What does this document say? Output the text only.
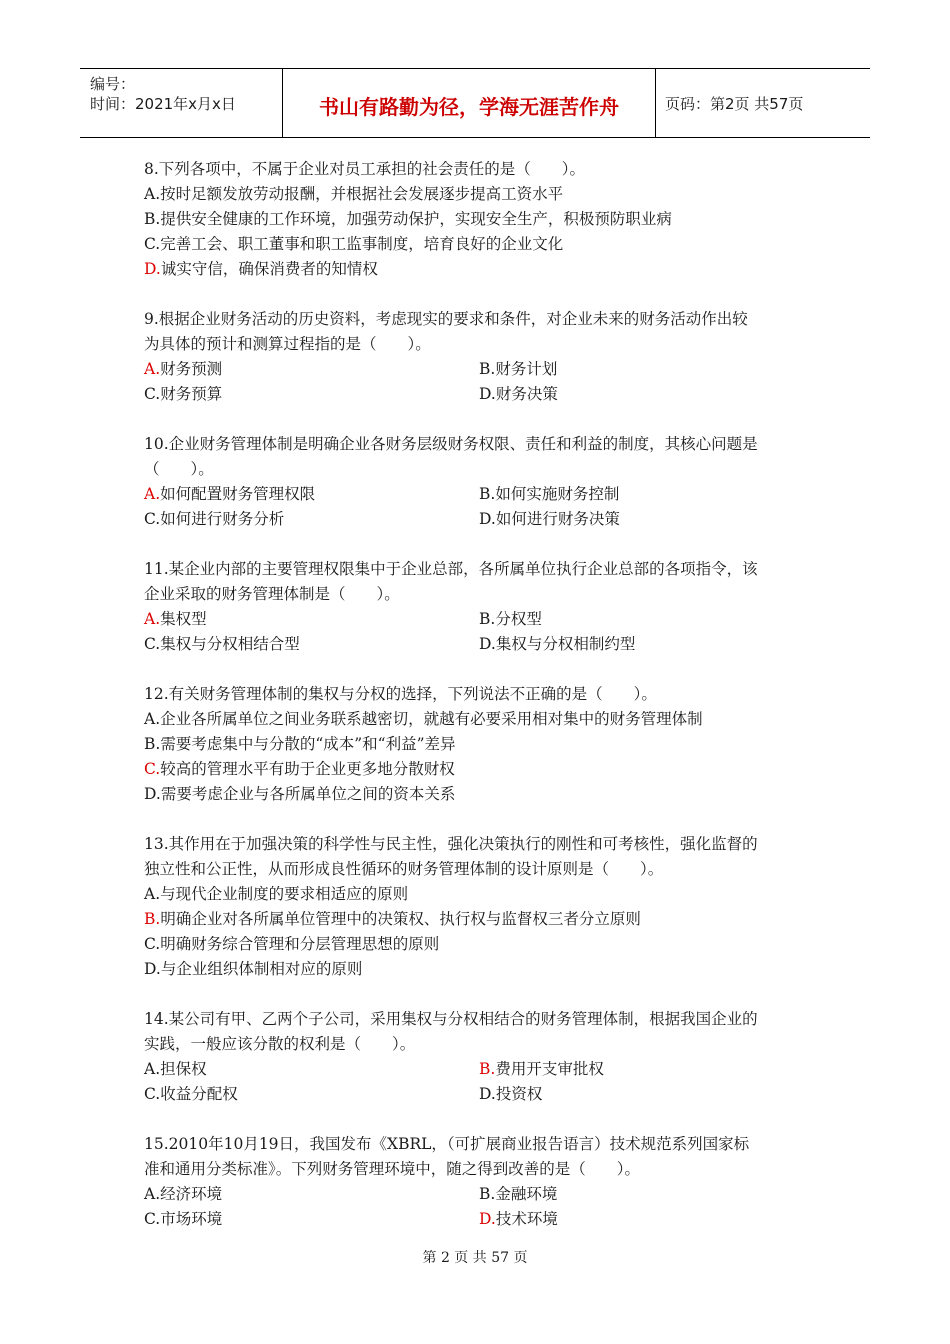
编号：
时间：2021年x月x日	书山有路勤为径，学海无涯苦作舟	页码：第2页 共57页
8.下列各项中，不属于企业对员工承担的社会责任的是（　　）。
A.按时足额发放劳动报酬，并根据社会发展逐步提高工资水平
B.提供安全健康的工作环境，加强劳动保护，实现安全生产，积极预防职业病
C.完善工会、职工董事和职工监事制度，培育良好的企业文化
D.诚实守信，确保消费者的知情权
9.根据企业财务活动的历史资料，考虑现实的要求和条件，对企业未来的财务活动作出较
为具体的预计和测算过程指的是（　　）。
A.财务预测	B.财务计划
C.财务预算	D.财务决策
10.企业财务管理体制是明确企业各财务层级财务权限、责任和利益的制度，其核心问题是
（　　）。
A.如何配置财务管理权限	B.如何实施财务控制
C.如何进行财务分析	D.如何进行财务决策
11.某企业内部的主要管理权限集中于企业总部，各所属单位执行企业总部的各项指令，该
企业采取的财务管理体制是（　　）。
A.集权型	B.分权型
C.集权与分权相结合型	D.集权与分权相制约型
12.有关财务管理体制的集权与分权的选择，下列说法不正确的是（　　）。
A.企业各所属单位之间业务联系越密切，就越有必要采用相对集中的财务管理体制
B.需要考虑集中与分散的“成本”和“利益”差异
C.较高的管理水平有助于企业更多地分散财权
D.需要考虑企业与各所属单位之间的资本关系
13.其作用在于加强决策的科学性与民主性，强化决策执行的刚性和可考核性，强化监督的
独立性和公正性，从而形成良性循环的财务管理体制的设计原则是（　　）。
A.与现代企业制度的要求相适应的原则
B.明确企业对各所属单位管理中的决策权、执行权与监督权三者分立原则
C.明确财务综合管理和分层管理思想的原则
D.与企业组织体制相对应的原则
14.某公司有甲、乙两个子公司，采用集权与分权相结合的财务管理体制，根据我国企业的
实践，一般应该分散的权利是（　　）。
A.担保权	B.费用开支审批权
C.收益分配权	D.投资权
15.2010年10月19日，我国发布《XBRL，（可扩展商业报告语言）技术规范系列国家标
准和通用分类标准》。下列财务管理环境中，随之得到改善的是（　　）。
A.经济环境	B.金融环境
C.市场环境	D.技术环境
第 2 页 共 57 页
